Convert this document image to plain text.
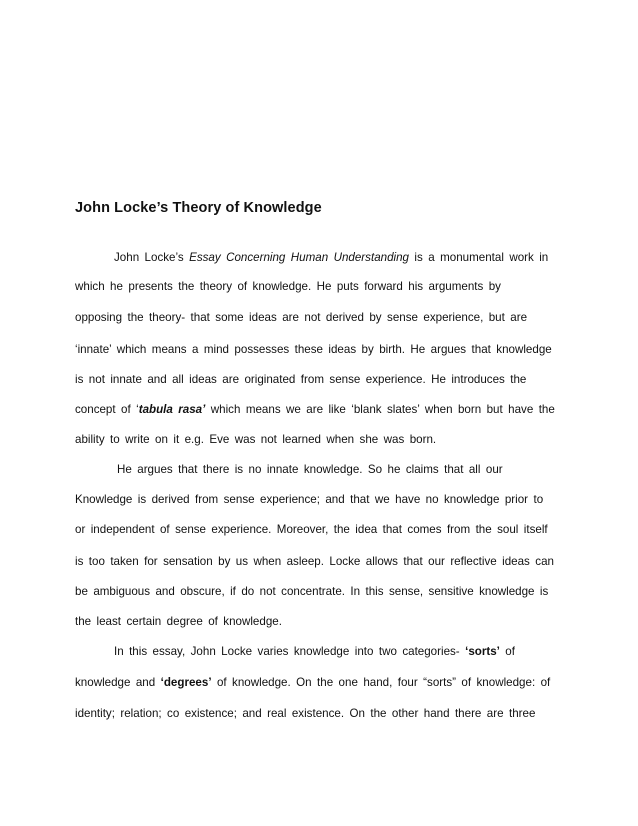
John Locke’s Theory of Knowledge
John Locke’s Essay Concerning Human Understanding is a monumental work in
which he presents the theory of knowledge. He puts forward his arguments by
opposing the theory- that some ideas are not derived by sense experience, but are
‘innate’ which means a mind possesses these ideas by birth. He argues that knowledge
is not innate and all ideas are originated from sense experience. He introduces the
concept of ‘tabula rasa’ which means we are like ‘blank slates’ when born but have the
ability to write on it e.g. Eve was not learned when she was born.
He argues that there is no innate knowledge. So he claims that all our
Knowledge is derived from sense experience; and that we have no knowledge prior to
or independent of sense experience. Moreover, the idea that comes from the soul itself
is too taken for sensation by us when asleep. Locke allows that our reflective ideas can
be ambiguous and obscure, if do not concentrate. In this sense, sensitive knowledge is
the least certain degree of knowledge.
In this essay, John Locke varies knowledge into two categories- ‘sorts’ of
knowledge and ‘degrees’ of knowledge. On the one hand, four “sorts” of knowledge: of
identity; relation; co existence; and real existence. On the other hand there are three
